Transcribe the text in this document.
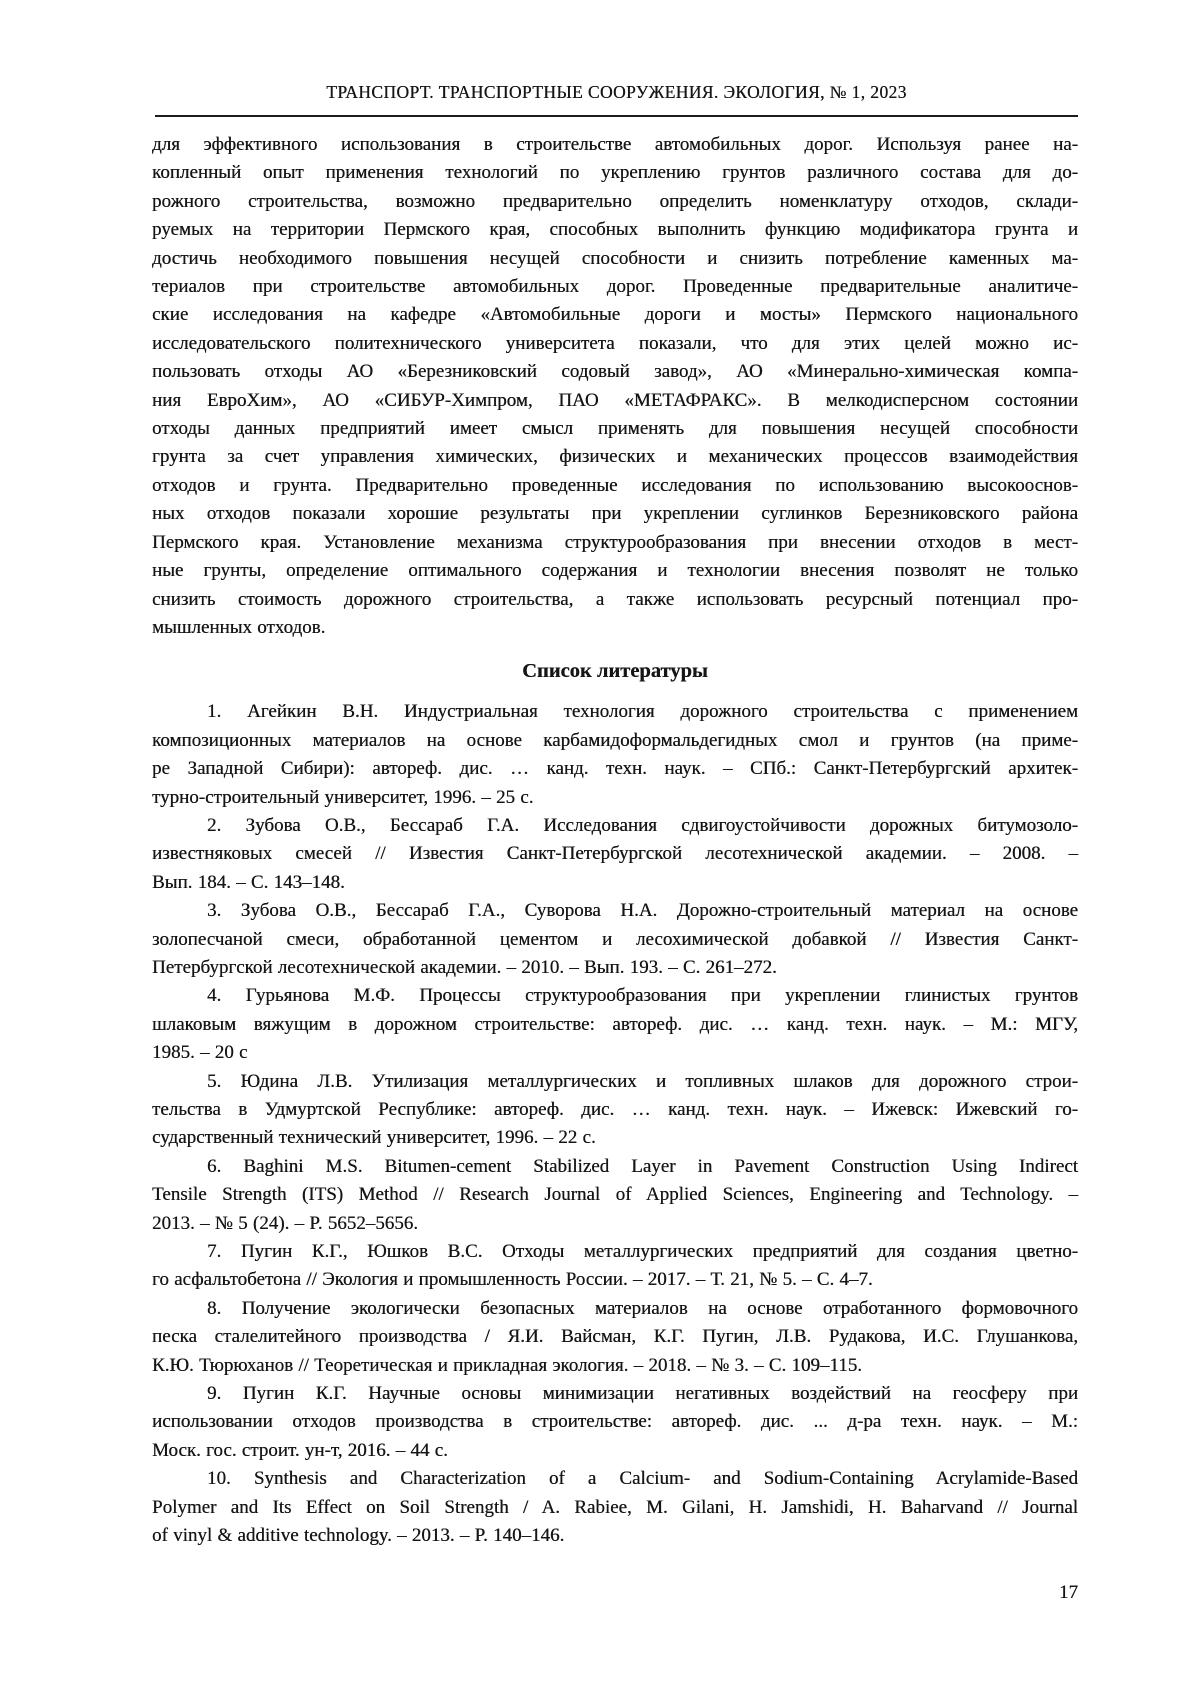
ТРАНСПОРТ. ТРАНСПОРТНЫЕ СООРУЖЕНИЯ. ЭКОЛОГИЯ, № 1, 2023
для эффективного использования в строительстве автомобильных дорог. Используя ранее на-
копленный опыт применения технологий по укреплению грунтов различного состава для до-
рожного строительства, возможно предварительно определить номенклатуру отходов, склади-
руемых на территории Пермского края, способных выполнить функцию модификатора грунта и
достичь необходимого повышения несущей способности и снизить потребление каменных ма-
териалов при строительстве автомобильных дорог. Проведенные предварительные аналитиче-
ские исследования на кафедре «Автомобильные дороги и мосты» Пермского национального
исследовательского политехнического университета показали, что для этих целей можно ис-
пользовать отходы АО «Березниковский содовый завод», АО «Минерально-химическая компа-
ния ЕвроХим», АО «СИБУР-Химпром, ПАО «МЕТАФРАКС». В мелкодисперсном состоянии
отходы данных предприятий имеет смысл применять для повышения несущей способности
грунта за счет управления химических, физических и механических процессов взаимодействия
отходов и грунта. Предварительно проведенные исследования по использованию высокооснов-
ных отходов показали хорошие результаты при укреплении суглинков Березниковского района
Пермского края. Установление механизма структурообразования при внесении отходов в мест-
ные грунты, определение оптимального содержания и технологии внесения позволят не только
снизить стоимость дорожного строительства, а также использовать ресурсный потенциал про-
мышленных отходов.
Список литературы
1. Агейкин В.Н. Индустриальная технология дорожного строительства с применением
композиционных материалов на основе карбамидоформальдегидных смол и грунтов (на приме-
ре Западной Сибири): автореф. дис. … канд. техн. наук. – СПб.: Санкт-Петербургский архитек-
турно-строительный университет, 1996. – 25 с.
2. Зубова О.В., Бессараб Г.А. Исследования сдвигоустойчивости дорожных битумозоло-
известняковых смесей // Известия Санкт-Петербургской лесотехнической академии. – 2008. –
Вып. 184. – С. 143–148.
3. Зубова О.В., Бессараб Г.А., Суворова Н.А. Дорожно-строительный материал на основе
золопесчаной смеси, обработанной цементом и лесохимической добавкой // Известия Санкт-
Петербургской лесотехнической академии. – 2010. – Вып. 193. – С. 261–272.
4. Гурьянова М.Ф. Процессы структурообразования при укреплении глинистых грунтов
шлаковым вяжущим в дорожном строительстве: автореф. дис. … канд. техн. наук. – М.: МГУ,
1985. – 20 с
5. Юдина Л.В. Утилизация металлургических и топливных шлаков для дорожного строи-
тельства в Удмуртской Республике: автореф. дис. … канд. техн. наук. – Ижевск: Ижевский го-
сударственный технический университет, 1996. – 22 с.
6. Baghini M.S. Bitumen-cement Stabilized Layer in Pavement Construction Using Indirect
Tensile Strength (ITS) Method // Research Journal of Applied Sciences, Engineering and Technology. –
2013. – № 5 (24). – P. 5652–5656.
7. Пугин К.Г., Юшков В.С. Отходы металлургических предприятий для создания цветно-
го асфальтобетона // Экология и промышленность России. – 2017. – Т. 21, № 5. – С. 4–7.
8. Получение экологически безопасных материалов на основе отработанного формовочного
песка сталелитейного производства / Я.И. Вайсман, К.Г. Пугин, Л.В. Рудакова, И.С. Глушанкова,
К.Ю. Тюрюханов // Теоретическая и прикладная экология. – 2018. – № 3. – С. 109–115.
9. Пугин К.Г. Научные основы минимизации негативных воздействий на геосферу при
использовании отходов производства в строительстве: автореф. дис. ... д-ра техн. наук. – М.:
Моск. гос. строит. ун-т, 2016. – 44 с.
10. Synthesis and Characterization of a Calcium- and Sodium-Containing Acrylamide-Based
Polymer and Its Effect on Soil Strength / A. Rabiee, M. Gilani, H. Jamshidi, H. Baharvand // Journal
of vinyl & additive technology. – 2013. – P. 140–146.
17
